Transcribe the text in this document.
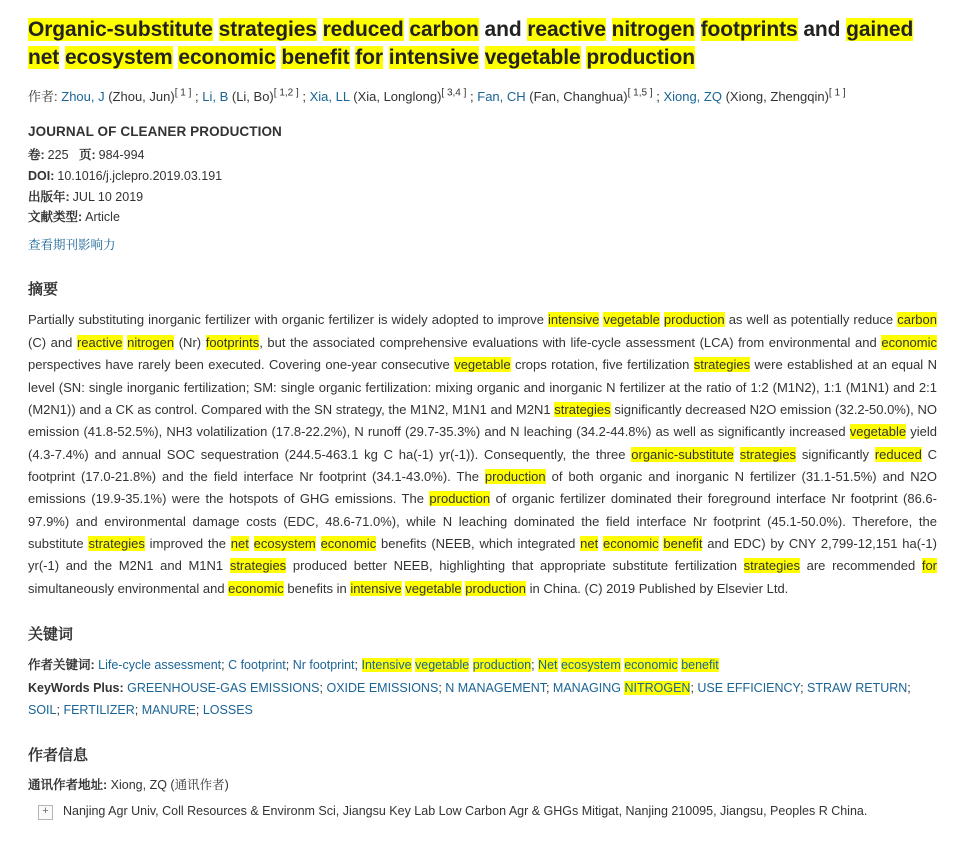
Organic-substitute strategies reduced carbon and reactive nitrogen footprints and gained net ecosystem economic benefit for intensive vegetable production
作者: Zhou, J (Zhou, Jun)[ 1 ] ; Li, B (Li, Bo)[ 1,2 ] ; Xia, LL (Xia, Longlong)[ 3,4 ] ; Fan, CH (Fan, Changhua)[ 1,5 ] ; Xiong, ZQ (Xiong, Zhengqin)[ 1 ]
JOURNAL OF CLEANER PRODUCTION
卷: 225 页: 984-994
DOI: 10.1016/j.jclepro.2019.03.191
出版年: JUL 10 2019
文献类型: Article
查看期刊影响力
摘要
Partially substituting inorganic fertilizer with organic fertilizer is widely adopted to improve intensive vegetable production as well as potentially reduce carbon (C) and reactive nitrogen (Nr) footprints, but the associated comprehensive evaluations with life-cycle assessment (LCA) from environmental and economic perspectives have rarely been executed. Covering one-year consecutive vegetable crops rotation, five fertilization strategies were established at an equal N level (SN: single inorganic fertilization; SM: single organic fertilization: mixing organic and inorganic N fertilizer at the ratio of 1:2 (M1N2), 1:1 (M1N1) and 2:1 (M2N1)) and a CK as control. Compared with the SN strategy, the M1N2, M1N1 and M2N1 strategies significantly decreased N2O emission (32.2-50.0%), NO emission (41.8-52.5%), NH3 volatilization (17.8-22.2%), N runoff (29.7-35.3%) and N leaching (34.2-44.8%) as well as significantly increased vegetable yield (4.3-7.4%) and annual SOC sequestration (244.5-463.1 kg C ha(-1) yr(-1)). Consequently, the three organic-substitute strategies significantly reduced C footprint (17.0-21.8%) and the field interface Nr footprint (34.1-43.0%). The production of both organic and inorganic N fertilizer (31.1-51.5%) and N2O emissions (19.9-35.1%) were the hotspots of GHG emissions. The production of organic fertilizer dominated their foreground interface Nr footprint (86.6-97.9%) and environmental damage costs (EDC, 48.6-71.0%), while N leaching dominated the field interface Nr footprint (45.1-50.0%). Therefore, the substitute strategies improved the net ecosystem economic benefits (NEEB, which integrated net economic benefit and EDC) by CNY 2,799-12,151 ha(-1) yr(-1) and the M2N1 and M1N1 strategies produced better NEEB, highlighting that appropriate substitute fertilization strategies are recommended for simultaneously environmental and economic benefits in intensive vegetable production in China. (C) 2019 Published by Elsevier Ltd.
关键词
作者关键词: Life-cycle assessment; C footprint; Nr footprint; Intensive vegetable production; Net ecosystem economic benefit
KeyWords Plus: GREENHOUSE-GAS EMISSIONS; OXIDE EMISSIONS; N MANAGEMENT; MANAGING NITROGEN; USE EFFICIENCY; STRAW RETURN; SOIL; FERTILIZER; MANURE; LOSSES
作者信息
通讯作者地址: Xiong, ZQ (通讯作者)
+	Nanjing Agr Univ, Coll Resources & Environm Sci, Jiangsu Key Lab Low Carbon Agr & GHGs Mitigat, Nanjing 210095, Jiangsu, Peoples R China.
